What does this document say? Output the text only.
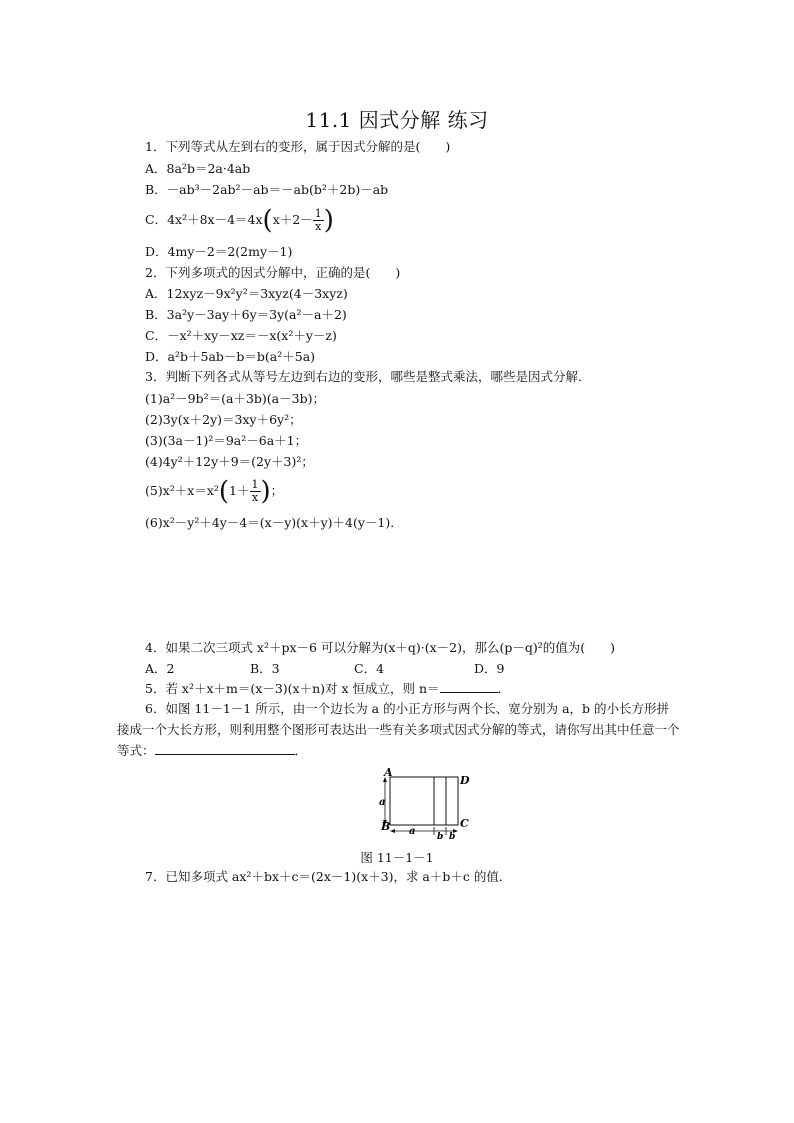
11.1 因式分解 练习
1．下列等式从左到右的变形，属于因式分解的是(　　)
A．8a²b＝2a·4ab
B．－ab³－2ab²－ab＝－ab(b²＋2b)－ab
C．$4x^2+8x-4=4x(x+2- \frac{1}{x}$ )
D．4my－2＝2(2my－1)
2．下列多项式的因式分解中，正确的是(　　)
A．12xyz－9x²y²＝3xyz(4－3xyz)
B．3a²y－3ay＋6y＝3y(a²－a＋2)
C．－x²＋xy－xz＝－x(x²＋y－z)
D．a²b＋5ab－b＝b(a²＋5a)
3．判断下列各式从等号左边到右边的变形，哪些是整式乘法，哪些是因式分解．
(1)a²－9b²＝(a＋3b)(a－3b)；
(2)3y(x＋2y)＝3xy＋6y²；
(3)(3a－1)²＝9a²－6a＋1；
(4)4y²＋12y＋9＝(2y＋3)²；
$(5)x^2+x=x^2(1+ \frac{1}{x}$ )；
(6)x²－y²＋4y－4＝(x－y)(x＋y)＋4(y－1)．
4．如果二次三项式 x²＋px－6 可以分解为(x＋q)·(x－2)，那么(p－q)²的值为(　　)
A．2	B．3	C．4	D．9
5．若 x²＋x＋m＝(x－3)(x＋n)对 x 恒成立，则 n＝	．
6．如图 11－1－1 所示，由一个边长为 a 的小正方形与两个长、宽分别为 a，b 的小长方形拼接成一个大长方形，则利用整个图形可表达出一些有关多项式因式分解的等式，请你写出其中任意一个等式：	．
A
B	C
D
a
a b b
图 11－1－1
7．已知多项式 ax²＋bx＋c＝(2x－1)(x＋3)，求 a＋b＋c 的值．
